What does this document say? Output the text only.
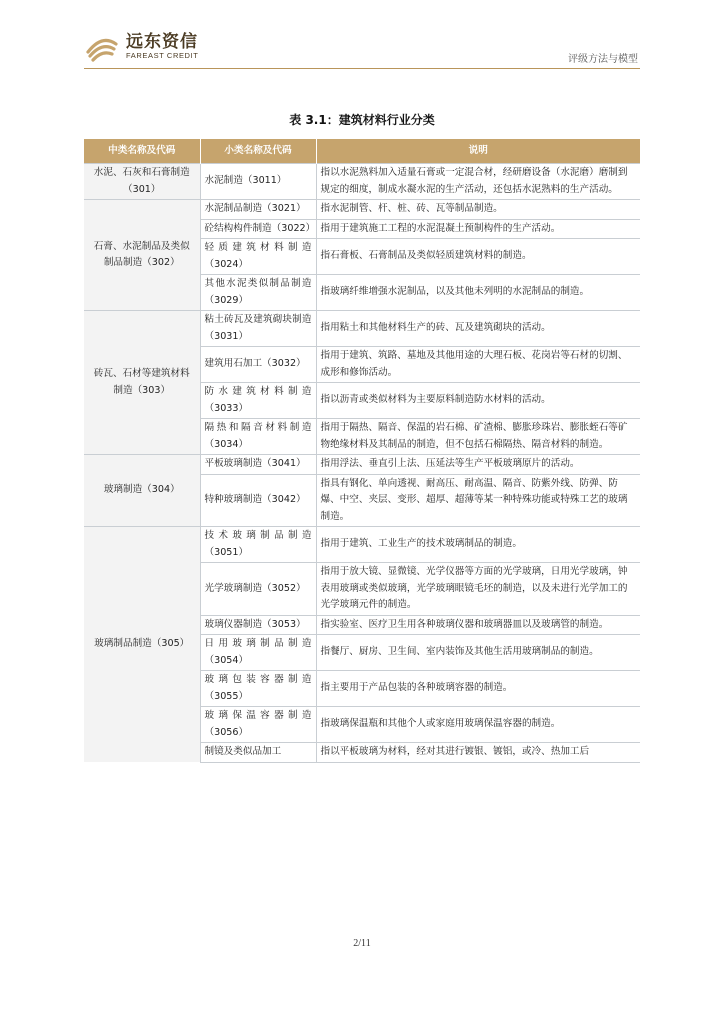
远东资信
FAREAST CREDIT	评级方法与模型
表 3.1：建筑材料行业分类
中类名称及代码	小类名称及代码	说明
水泥、石灰和石膏制造（301）	水泥制造（3011）	指以水泥熟料加入适量石膏或一定混合材，经研磨设备（水泥磨）磨制到规定的细度，制成水凝水泥的生产活动，还包括水泥熟料的生产活动。
石膏、水泥制品及类似制品制造（302）	水泥制品制造（3021）	指水泥制管、杆、桩、砖、瓦等制品制造。
	砼结构构件制造（3022）	指用于建筑施工工程的水泥混凝土预制构件的生产活动。
	轻质建筑材料制造（3024）	指石膏板、石膏制品及类似轻质建筑材料的制造。
	其他水泥类似制品制造（3029）	指玻璃纤维增强水泥制品，以及其他未列明的水泥制品的制造。
砖瓦、石材等建筑材料制造（303）	粘土砖瓦及建筑砌块制造（3031）	指用粘土和其他材料生产的砖、瓦及建筑砌块的活动。
	建筑用石加工（3032）	指用于建筑、筑路、墓地及其他用途的大理石板、花岗岩等石材的切割、成形和修饰活动。
	防水建筑材料制造（3033）	指以沥青或类似材料为主要原料制造防水材料的活动。
	隔热和隔音材料制造（3034）	指用于隔热、隔音、保温的岩石棉、矿渣棉、膨胀珍珠岩、膨胀蛭石等矿物绝缘材料及其制品的制造，但不包括石棉隔热、隔音材料的制造。
玻璃制造（304）	平板玻璃制造（3041）	指用浮法、垂直引上法、压延法等生产平板玻璃原片的活动。
	特种玻璃制造（3042）	指具有钢化、单向透视、耐高压、耐高温、隔音、防紫外线、防弹、防爆、中空、夹层、变形、超厚、超薄等某一种特殊功能或特殊工艺的玻璃制造。
玻璃制品制造（305）	技术玻璃制品制造（3051）	指用于建筑、工业生产的技术玻璃制品的制造。
	光学玻璃制造（3052）	指用于放大镜、显微镜、光学仪器等方面的光学玻璃，日用光学玻璃，钟表用玻璃或类似玻璃，光学玻璃眼镜毛坯的制造，以及未进行光学加工的光学玻璃元件的制造。
	玻璃仪器制造（3053）	指实验室、医疗卫生用各种玻璃仪器和玻璃器皿以及玻璃管的制造。
	日用玻璃制品制造（3054）	指餐厅、厨房、卫生间、室内装饰及其他生活用玻璃制品的制造。
	玻璃包装容器制造（3055）	指主要用于产品包装的各种玻璃容器的制造。
	玻璃保温容器制造（3056）	指玻璃保温瓶和其他个人或家庭用玻璃保温容器的制造。
	制镜及类似品加工	指以平板玻璃为材料，经对其进行镀银、镀铝，或冷、热加工后
2/11
